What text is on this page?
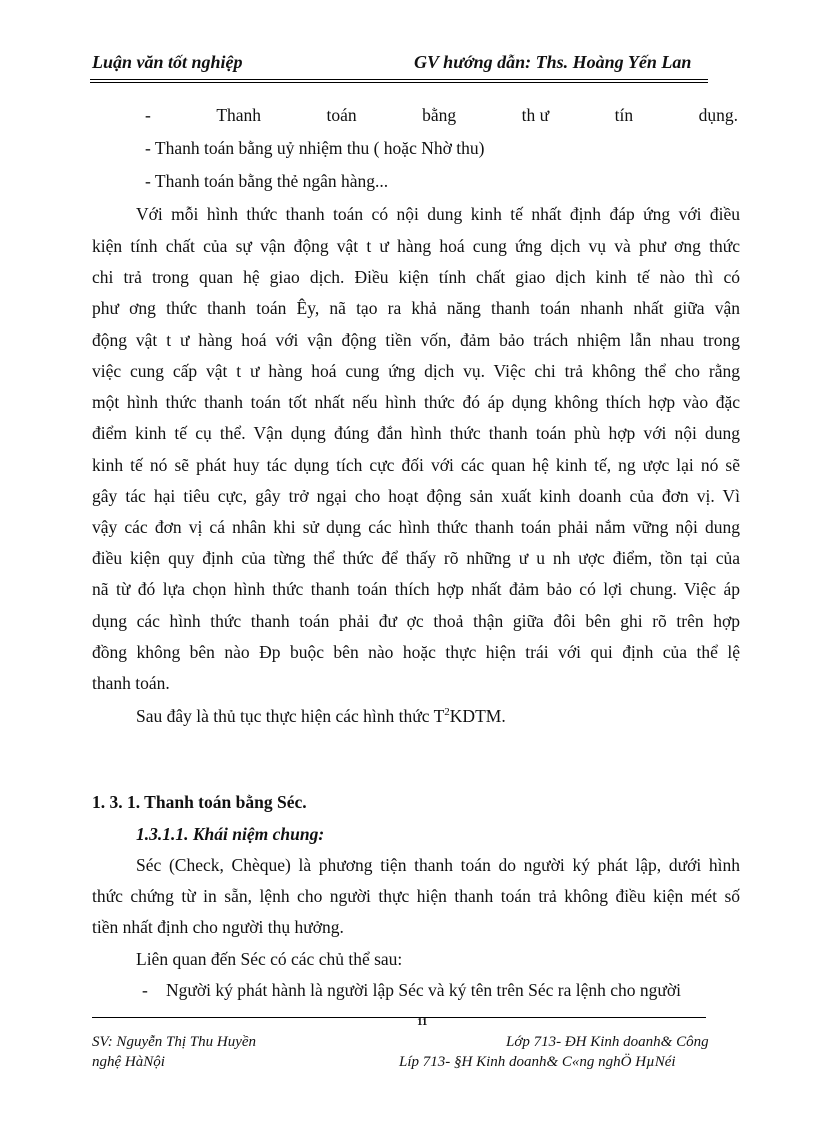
Luận văn tốt nghiệp	GV hướng dẫn: Ths. Hoàng Yến Lan
-	Thanh	toán	bằng	th ư	tín	dụng.
- Thanh toán bằng uỷ nhiệm thu ( hoặc Nhờ thu)
- Thanh toán bằng thẻ ngân hàng...
Với mỗi hình thức thanh toán có nội dung kinh tế nhất định đáp ứng với điều
kiện tính chất của sự vận động vật t ư hàng hoá cung ứng dịch vụ và phư ơng thức
chi trả trong quan hệ giao dịch. Điều kiện tính chất giao dịch kinh tế nào thì có
phư ơng thức thanh toán Êy, nã tạo ra khả năng thanh toán nhanh nhất giữa vận
động vật t ư hàng hoá với vận động tiền vốn, đảm bảo trách nhiệm lẫn nhau trong
việc cung cấp vật t ư hàng hoá cung ứng dịch vụ. Việc chi trả không thể cho rằng
một hình thức thanh toán tốt nhất nếu hình thức đó áp dụng không thích hợp vào đặc
điểm kinh tế cụ thể. Vận dụng đúng đắn hình thức thanh toán phù hợp với nội dung
kinh tế nó sẽ phát huy tác dụng tích cực đối với các quan hệ kinh tế, ng ược lại nó sẽ
gây tác hại tiêu cực, gây trở ngại cho hoạt động sản xuất kinh doanh của đơn vị. Vì
vậy các đơn vị cá nhân khi sử dụng các hình thức thanh toán phải nắm vững nội dung
điều kiện quy định của từng thể thức để thấy rõ những ư u nh ược điểm, tồn tại của
nã từ đó lựa chọn hình thức thanh toán thích hợp nhất đảm bảo có lợi chung. Việc áp
dụng các hình thức thanh toán phải đư ợc thoả thận giữa đôi bên ghi rõ trên hợp
đồng không bên nào Ðp buộc bên nào hoặc thực hiện trái với qui định của thể lệ
thanh toán.
Sau đây là thủ tục thực hiện các hình thức $T^2KDTM$.
1. 3. 1. Thanh toán bằng Séc.
1.3.1.1. Khái niệm chung:
Séc (Check, Chèque) là phương tiện thanh toán do người ký phát lập, dưới hình
thức chứng từ in sẵn, lệnh cho người thực hiện thanh toán trả không điều kiện mét số
tiền nhất định cho người thụ hưởng.
Liên quan đến Séc có các chủ thể sau:
- Người ký phát hành là người lập Séc và ký tên trên Séc ra lệnh cho người
11
SV: Nguyễn Thị Thu Huyền	Lớp 713- ĐH Kinh doanh& Công
nghệ HàNội	Líp 713- §H Kinh doanh& C«ng nghÖ HµNéi
